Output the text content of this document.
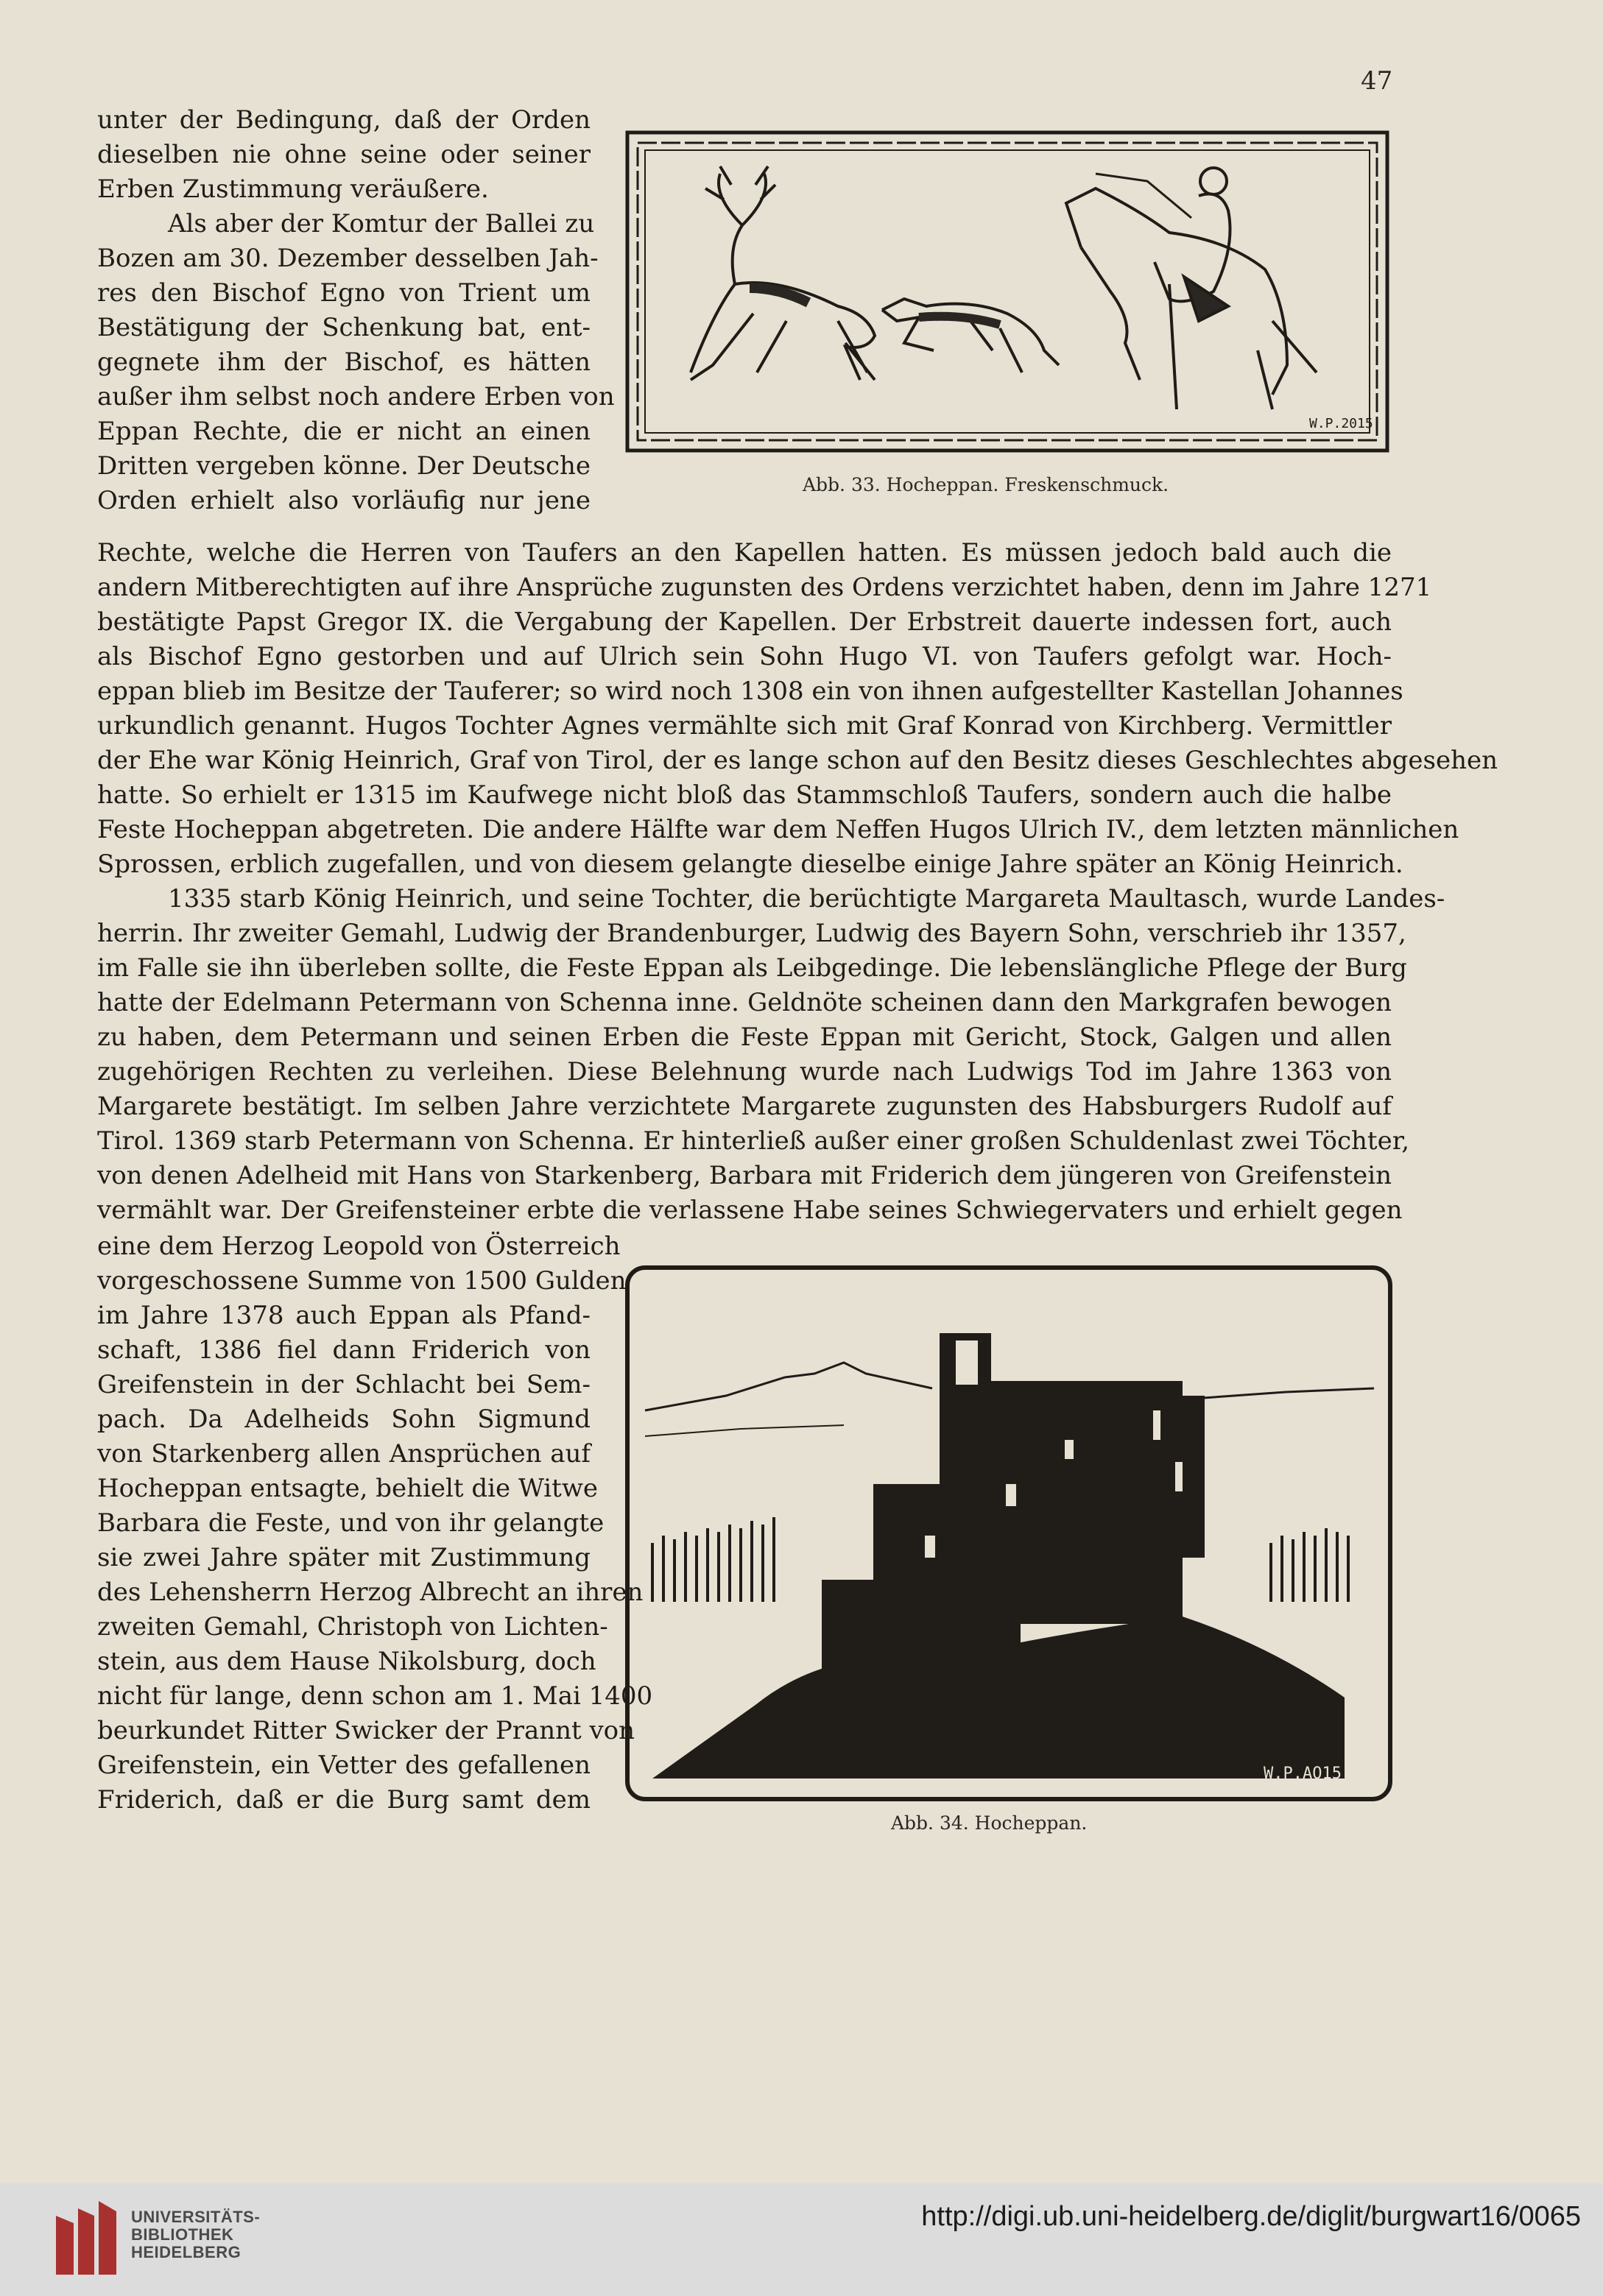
47
unter der Bedingung, daß der Orden
dieselben nie ohne seine oder seiner
Erben Zustimmung veräußere.
Als aber der Komtur der Ballei zu
Bozen am 30. Dezember desselben Jah-
res den Bischof Egno von Trient um
Bestätigung der Schenkung bat, ent-
gegnete ihm der Bischof, es hätten
außer ihm selbst noch andere Erben von
Eppan Rechte, die er nicht an einen
Dritten vergeben könne. Der Deutsche
Orden erhielt also vorläufig nur jene
W.P.2015
Abb. 33. Hocheppan. Freskenschmuck.
Rechte, welche die Herren von Taufers an den Kapellen hatten. Es müssen jedoch bald auch die
andern Mitberechtigten auf ihre Ansprüche zugunsten des Ordens verzichtet haben, denn im Jahre 1271
bestätigte Papst Gregor IX. die Vergabung der Kapellen. Der Erbstreit dauerte indessen fort, auch
als Bischof Egno gestorben und auf Ulrich sein Sohn Hugo VI. von Taufers gefolgt war. Hoch-
eppan blieb im Besitze der Tauferer; so wird noch 1308 ein von ihnen aufgestellter Kastellan Johannes
urkundlich genannt. Hugos Tochter Agnes vermählte sich mit Graf Konrad von Kirchberg. Vermittler
der Ehe war König Heinrich, Graf von Tirol, der es lange schon auf den Besitz dieses Geschlechtes abgesehen
hatte. So erhielt er 1315 im Kaufwege nicht bloß das Stammschloß Taufers, sondern auch die halbe
Feste Hocheppan abgetreten. Die andere Hälfte war dem Neffen Hugos Ulrich IV., dem letzten männlichen
Sprossen, erblich zugefallen, und von diesem gelangte dieselbe einige Jahre später an König Heinrich.
1335 starb König Heinrich, und seine Tochter, die berüchtigte Margareta Maultasch, wurde Landes-
herrin. Ihr zweiter Gemahl, Ludwig der Brandenburger, Ludwig des Bayern Sohn, verschrieb ihr 1357,
im Falle sie ihn überleben sollte, die Feste Eppan als Leibgedinge. Die lebenslängliche Pflege der Burg
hatte der Edelmann Petermann von Schenna inne. Geldnöte scheinen dann den Markgrafen bewogen
zu haben, dem Petermann und seinen Erben die Feste Eppan mit Gericht, Stock, Galgen und allen
zugehörigen Rechten zu verleihen. Diese Belehnung wurde nach Ludwigs Tod im Jahre 1363 von
Margarete bestätigt. Im selben Jahre verzichtete Margarete zugunsten des Habsburgers Rudolf auf
Tirol. 1369 starb Petermann von Schenna. Er hinterließ außer einer großen Schuldenlast zwei Töchter,
von denen Adelheid mit Hans von Starkenberg, Barbara mit Friderich dem jüngeren von Greifenstein
vermählt war. Der Greifensteiner erbte die verlassene Habe seines Schwiegervaters und erhielt gegen
eine dem Herzog Leopold von Österreich
vorgeschossene Summe von 1500 Gulden
im Jahre 1378 auch Eppan als Pfand-
schaft, 1386 fiel dann Friderich von
Greifenstein in der Schlacht bei Sem-
pach. Da Adelheids Sohn Sigmund
von Starkenberg allen Ansprüchen auf
Hocheppan entsagte, behielt die Witwe
Barbara die Feste, und von ihr gelangte
sie zwei Jahre später mit Zustimmung
des Lehensherrn Herzog Albrecht an ihren
zweiten Gemahl, Christoph von Lichten-
stein, aus dem Hause Nikolsburg, doch
nicht für lange, denn schon am 1. Mai 1400
beurkundet Ritter Swicker der Prannt von
Greifenstein, ein Vetter des gefallenen
Friderich, daß er die Burg samt dem
W.P.AQ15
Abb. 34. Hocheppan.
UNIVERSITÄTS-
BIBLIOTHEK
HEIDELBERG
http://digi.ub.uni-heidelberg.de/diglit/burgwart16/0065
